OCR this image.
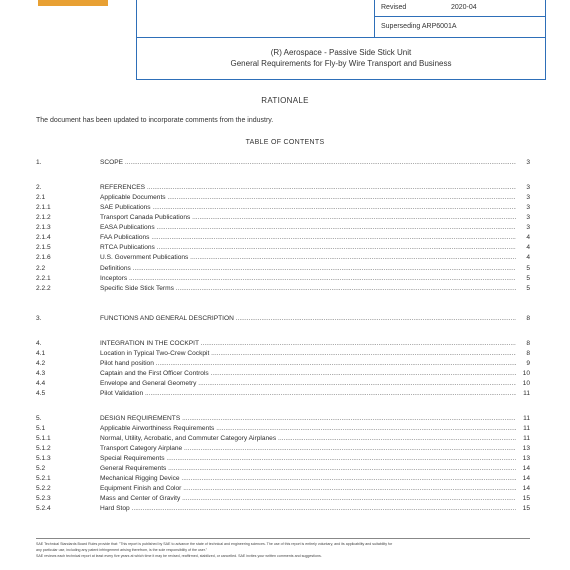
Revised	2020-04
Superseding ARP6001A
(R) Aerospace - Passive Side Stick Unit
General Requirements for Fly-by Wire Transport and Business
RATIONALE
The document has been updated to incorporate comments from the industry.
TABLE OF CONTENTS
1.	SCOPE .....	3
2.	REFERENCES .....	3
2.1	Applicable Documents .....	3
2.1.1	SAE Publications .....	3
2.1.2	Transport Canada Publications .....	3
2.1.3	EASA Publications .....	3
2.1.4	FAA Publications .....	4
2.1.5	RTCA Publications .....	4
2.1.6	U.S. Government Publications .....	4
2.2	Definitions .....	5
2.2.1	Inceptors .....	5
2.2.2	Specific Side Stick Terms .....	5
3.	FUNCTIONS AND GENERAL DESCRIPTION .....	8
4.	INTEGRATION IN THE COCKPIT .....	8
4.1	Location in Typical Two-Crew Cockpit .....	8
4.2	Pilot hand position .....	9
4.3	Captain and the First Officer Controls .....	10
4.4	Envelope and General Geometry .....	10
4.5	Pilot Validation .....	11
5.	DESIGN REQUIREMENTS .....	11
5.1	Applicable Airworthiness Requirements .....	11
5.1.1	Normal, Utility, Acrobatic, and Commuter Category Airplanes .....	11
5.1.2	Transport Category Airplane .....	13
5.1.3	Special Requirements .....	13
5.2	General Requirements .....	14
5.2.1	Mechanical Rigging Device .....	14
5.2.2	Equipment Finish and Color .....	14
5.2.3	Mass and Center of Gravity .....	15
5.2.4	Hard Stop .....	15
SAE Technical Standards Board Rules provide that: "This report is published by SAE to advance the state of technical and engineering sciences. The use of this report is entirely voluntary, and its applicability and suitability for
any particular use, including any patent infringement arising therefrom, is the sole responsibility of the user."
SAE reviews each technical report at least every five years at which time it may be revised, reaffirmed, stabilized, or cancelled. SAE invites your written comments and suggestions.
